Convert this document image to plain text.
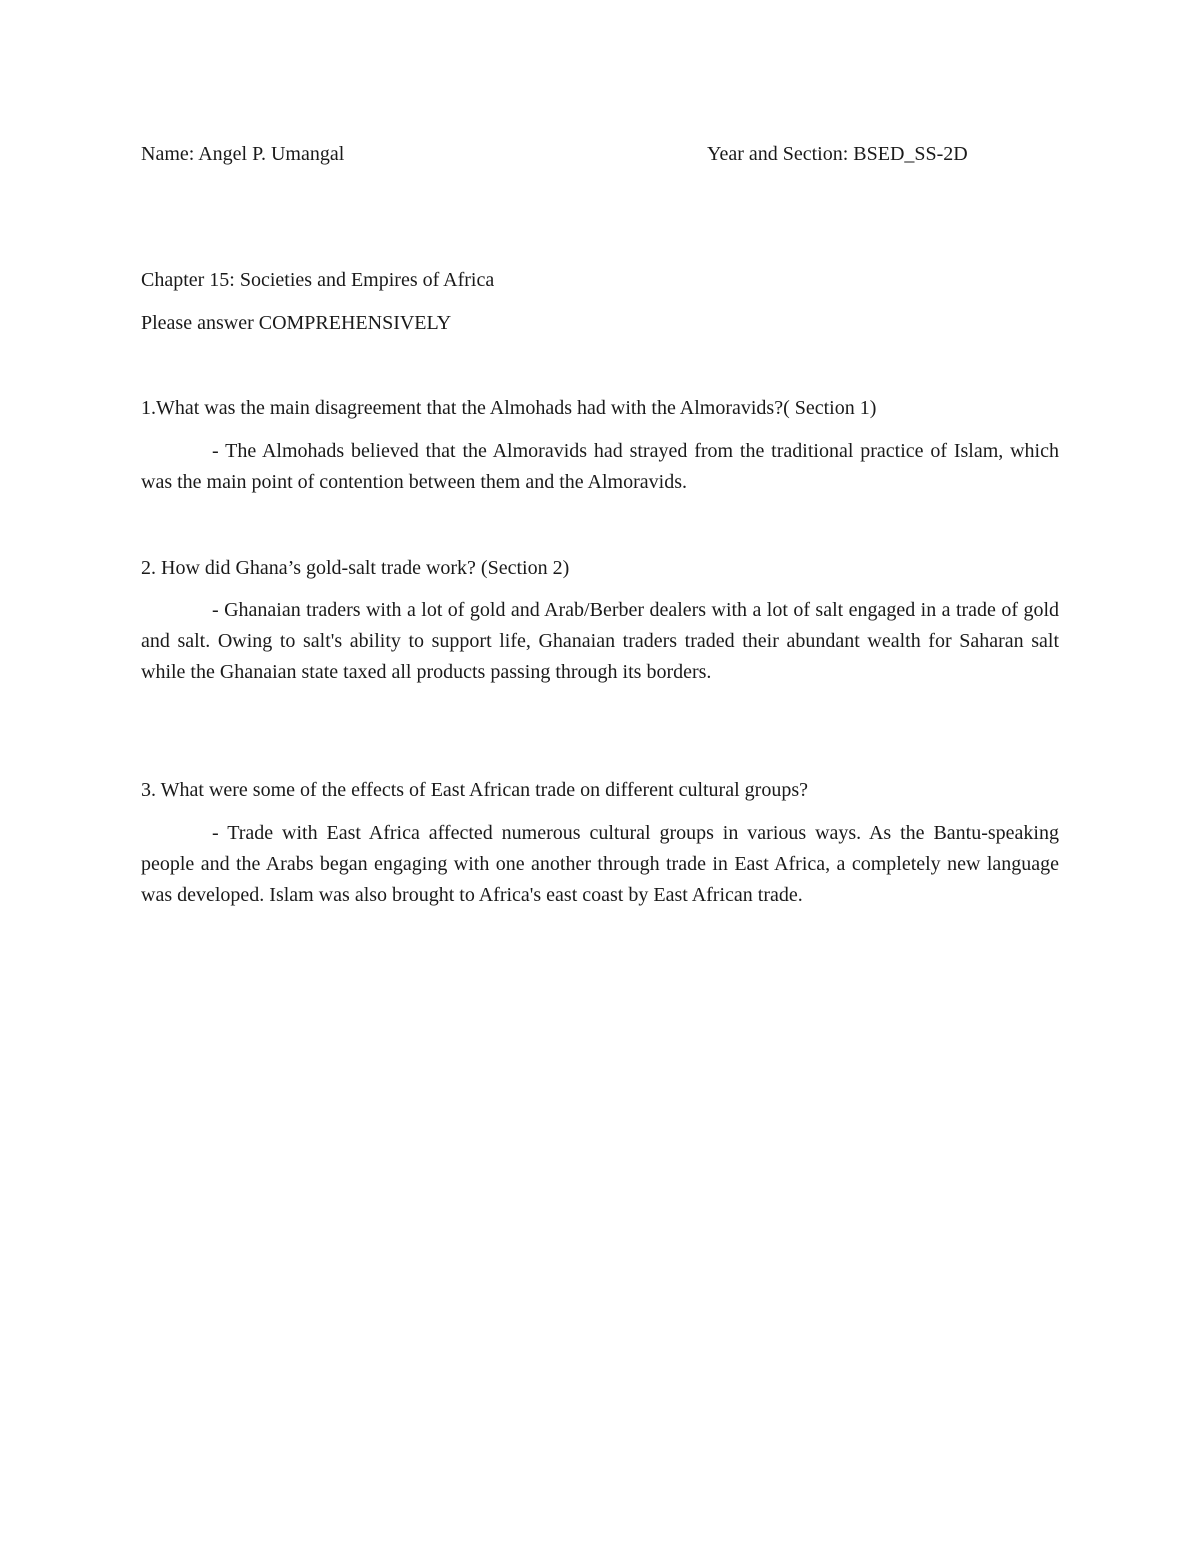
Name: Angel P. Umangal	Year and Section: BSED_SS-2D
Chapter 15: Societies and Empires of Africa
Please answer COMPREHENSIVELY
1.What was the main disagreement that the Almohads had with the Almoravids?( Section 1)
- The Almohads believed that the Almoravids had strayed from the traditional practice of Islam, which was the main point of contention between them and the Almoravids.
2. How did Ghana’s gold-salt trade work? (Section 2)
- Ghanaian traders with a lot of gold and Arab/Berber dealers with a lot of salt engaged in a trade of gold and salt. Owing to salt's ability to support life, Ghanaian traders traded their abundant wealth for Saharan salt while the Ghanaian state taxed all products passing through its borders.
3. What were some of the effects of East African trade on different cultural groups?
- Trade with East Africa affected numerous cultural groups in various ways. As the Bantu-speaking people and the Arabs began engaging with one another through trade in East Africa, a completely new language was developed. Islam was also brought to Africa's east coast by East African trade.
